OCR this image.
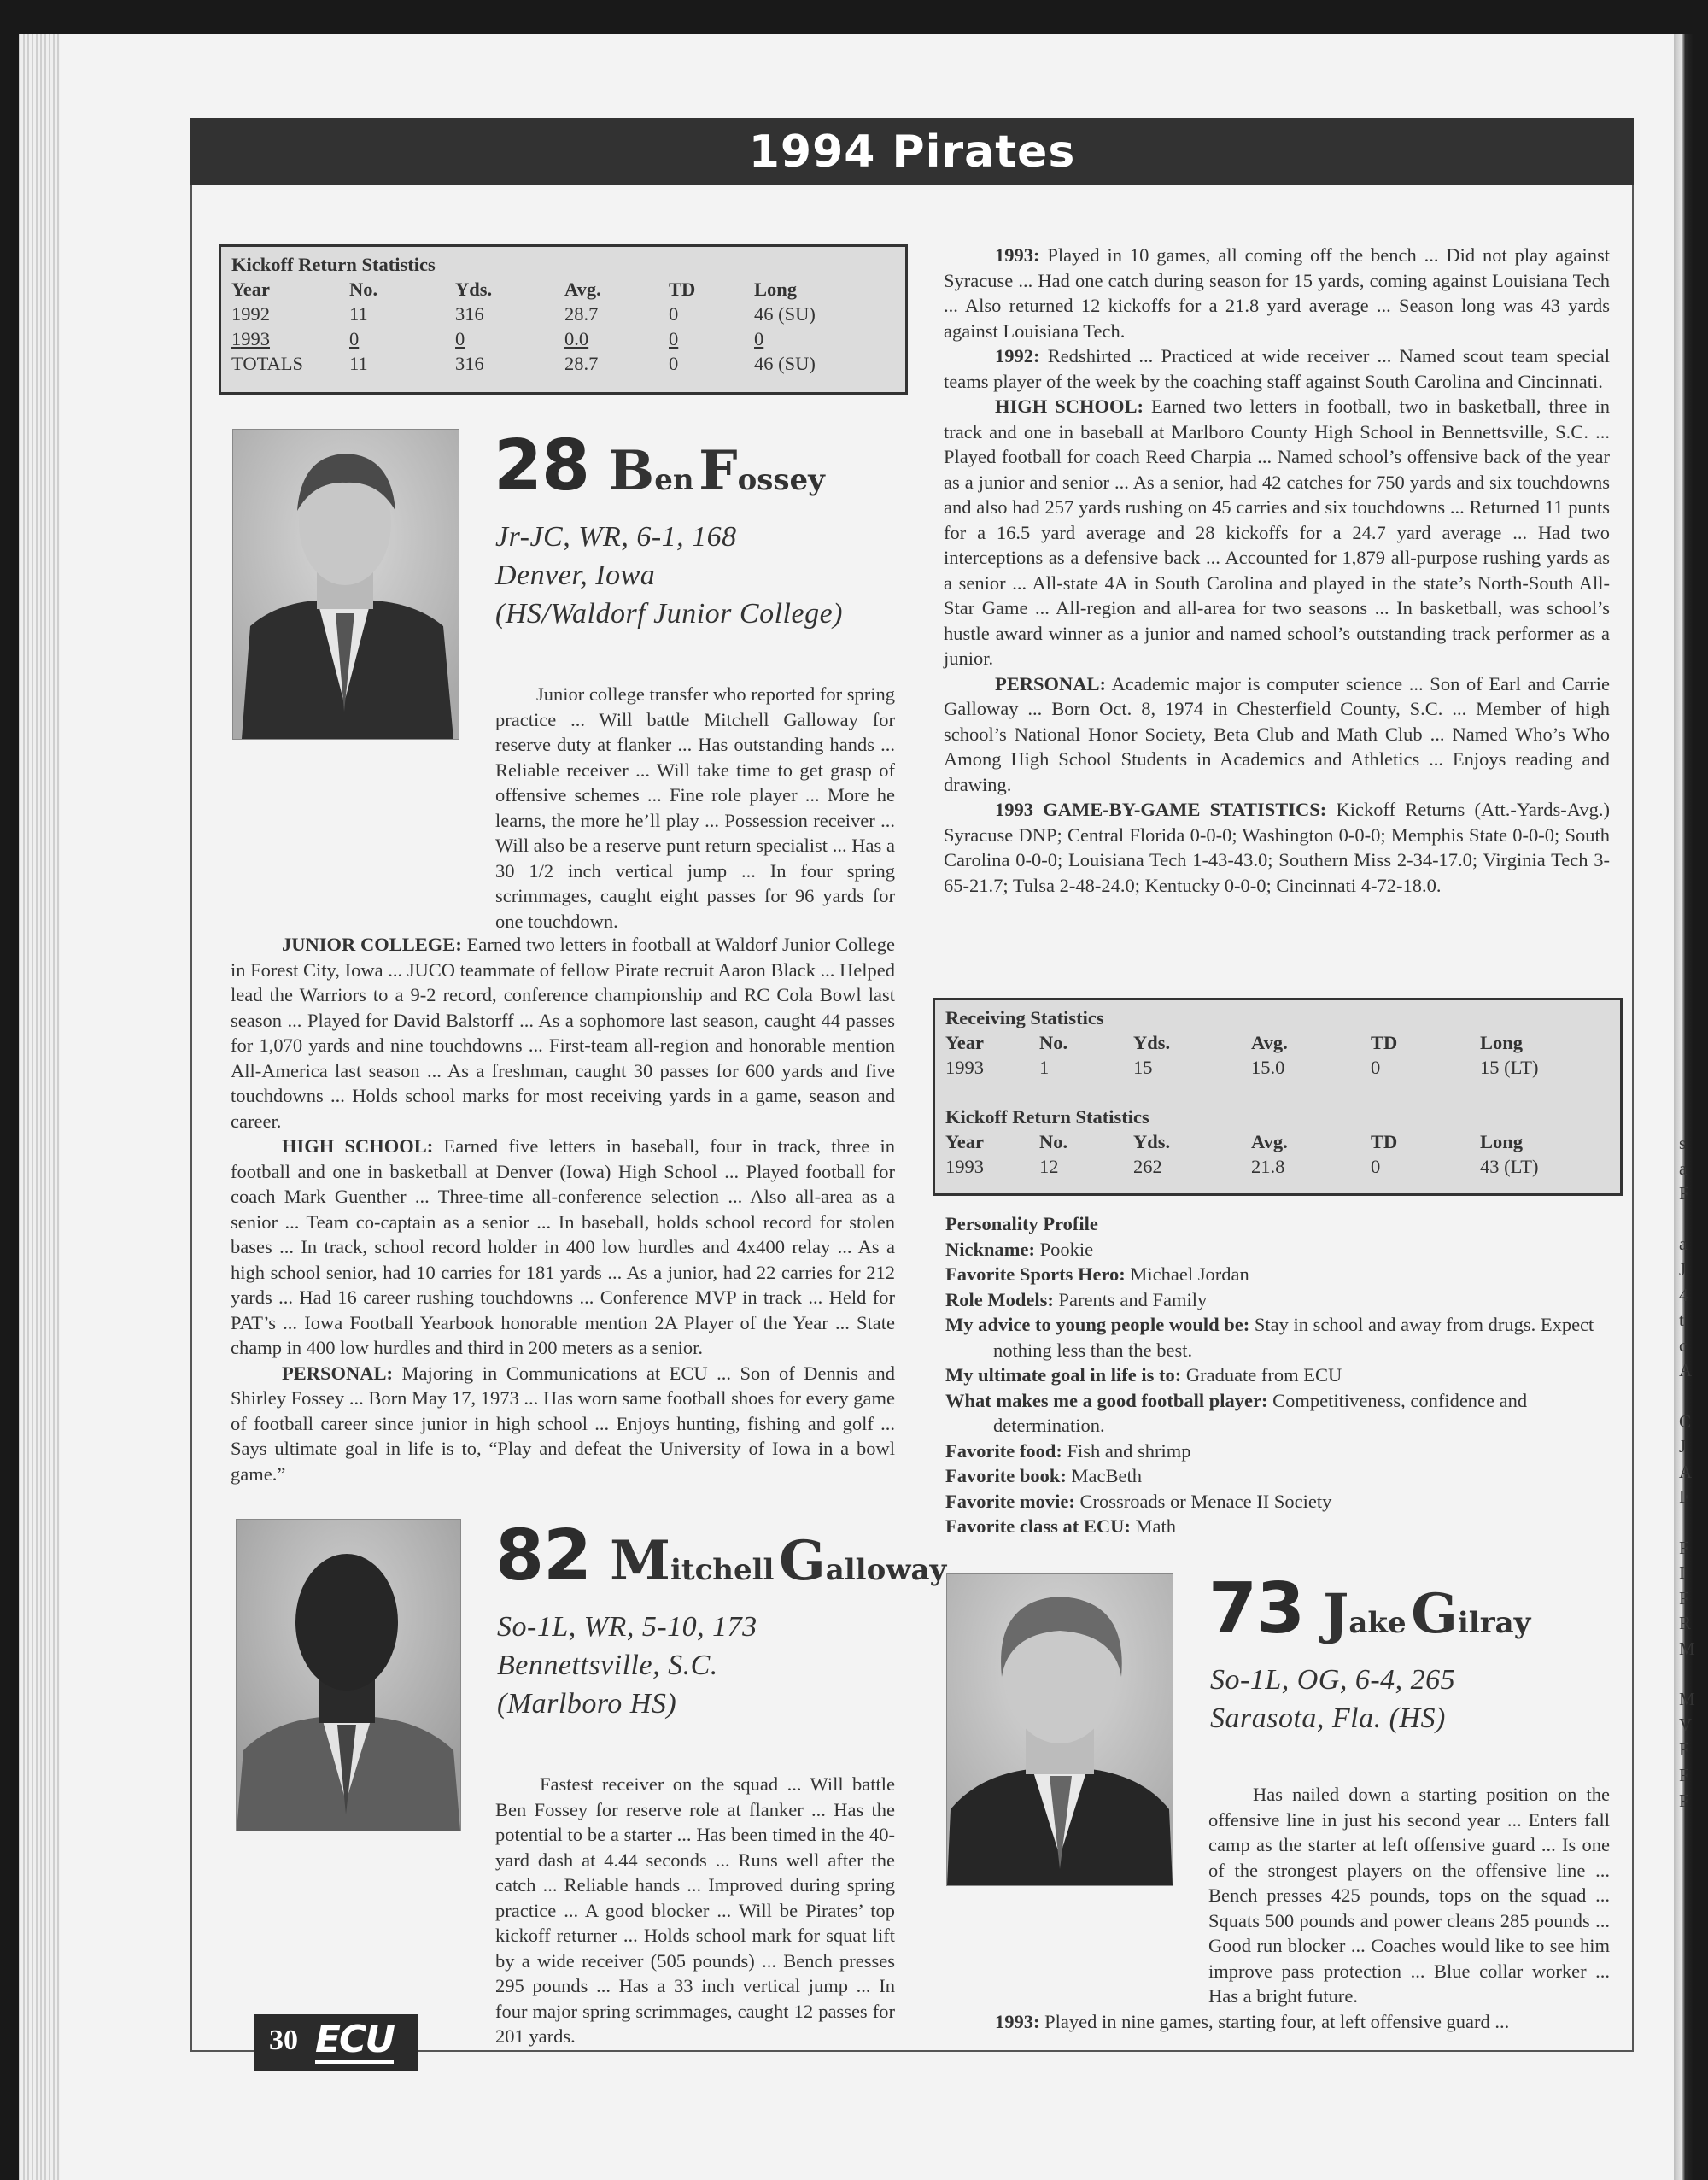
1994 Pirates
Kickoff Return Statistics
Year	No.	Yds.	Avg.	TD	Long
1992	11	316	28.7	0	46 (SU)
1993	0	0	0.0	0	0
TOTALS	11	316	28.7	0	46 (SU)
28 Ben Fossey
Jr-JC, WR, 6-1, 168
Denver, Iowa
(HS/Waldorf Junior College)
Junior college transfer who reported for spring practice ... Will battle Mitchell Galloway for reserve duty at flanker ... Has outstanding hands ... Reliable receiver ... Will take time to get grasp of offensive schemes ... Fine role player ... More he learns, the more he’ll play ... Possession receiver ... Will also be a reserve punt return specialist ... Has a 30 1/2 inch vertical jump ... In four spring scrimmages, caught eight passes for 96 yards for one touchdown.

JUNIOR COLLEGE: Earned two letters in football at Waldorf Junior College in Forest City, Iowa ... JUCO teammate of fellow Pirate recruit Aaron Black ... Helped lead the Warriors to a 9-2 record, conference championship and RC Cola Bowl last season ... Played for David Balstorff ... As a sophomore last season, caught 44 passes for 1,070 yards and nine touchdowns ... First-team all-region and honorable mention All-America last season ... As a freshman, caught 30 passes for 600 yards and five touchdowns ... Holds school marks for most receiving yards in a game, season and career.

HIGH SCHOOL: Earned five letters in baseball, four in track, three in football and one in basketball at Denver (Iowa) High School ... Played football for coach Mark Guenther ... Three-time all-conference selection ... Also all-area as a senior ... Team co-captain as a senior ... In baseball, holds school record for stolen bases ... In track, school record holder in 400 low hurdles and 4x400 relay ... As a high school senior, had 10 carries for 181 yards ... As a junior, had 22 carries for 212 yards ... Had 16 career rushing touchdowns ... Conference MVP in track ... Held for PAT’s ... Iowa Football Yearbook honorable mention 2A Player of the Year ... State champ in 400 low hurdles and third in 200 meters as a senior.

PERSONAL: Majoring in Communications at ECU ... Son of Dennis and Shirley Fossey ... Born May 17, 1973 ... Has worn same football shoes for every game of football career since junior in high school ... Enjoys hunting, fishing and golf ... Says ultimate goal in life is to, “Play and defeat the University of Iowa in a bowl game.”

82 Mitchell Galloway
So-1L, WR, 5-10, 173
Bennettsville, S.C.
(Marlboro HS)

Fastest receiver on the squad ... Will battle Ben Fossey for reserve role at flanker ... Has the potential to be a starter ... Has been timed in the 40-yard dash at 4.44 seconds ... Runs well after the catch ... Reliable hands ... Improved during spring practice ... A good blocker ... Will be Pirates’ top kickoff returner ... Holds school mark for squat lift by a wide receiver (505 pounds) ... Bench presses 295 pounds ... Has a 33 inch vertical jump ... In four major spring scrimmages, caught 12 passes for 201 yards.

1993: Played in 10 games, all coming off the bench ... Did not play against Syracuse ... Had one catch during season for 15 yards, coming against Louisiana Tech ... Also returned 12 kickoffs for a 21.8 yard average ... Season long was 43 yards against Louisiana Tech.

1992: Redshirted ... Practiced at wide receiver ... Named scout team special teams player of the week by the coaching staff against South Carolina and Cincinnati.

HIGH SCHOOL: Earned two letters in football, two in basketball, three in track and one in baseball at Marlboro County High School in Bennettsville, S.C. ... Played football for coach Reed Charpia ... Named school’s offensive back of the year as a junior and senior ... As a senior, had 42 catches for 750 yards and six touchdowns and also had 257 yards rushing on 45 carries and six touchdowns ... Returned 11 punts for a 16.5 yard average and 28 kickoffs for a 24.7 yard average ... Had two interceptions as a defensive back ... Accounted for 1,879 all-purpose rushing yards as a senior ... All-state 4A in South Carolina and played in the state’s North-South All-Star Game ... All-region and all-area for two seasons ... In basketball, was school’s hustle award winner as a junior and named school’s outstanding track performer as a junior.

PERSONAL: Academic major is computer science ... Son of Earl and Carrie Galloway ... Born Oct. 8, 1974 in Chesterfield County, S.C. ... Member of high school’s National Honor Society, Beta Club and Math Club ... Named Who’s Who Among High School Students in Academics and Athletics ... Enjoys reading and drawing.

1993 GAME-BY-GAME STATISTICS: Kickoff Returns (Att.-Yards-Avg.) Syracuse DNP; Central Florida 0-0-0; Washington 0-0-0; Memphis State 0-0-0; South Carolina 0-0-0; Louisiana Tech 1-43-43.0; Southern Miss 2-34-17.0; Virginia Tech 3-65-21.7; Tulsa 2-48-24.0; Kentucky 0-0-0; Cincinnati 4-72-18.0.

Receiving Statistics
Year	No.	Yds.	Avg.	TD	Long
1993	1	15	15.0	0	15 (LT)
Kickoff Return Statistics
Year	No.	Yds.	Avg.	TD	Long
1993	12	262	21.8	0	43 (LT)

Personality Profile

Nickname: Pookie

Favorite Sports Hero: Michael Jordan

Role Models: Parents and Family

My advice to young people would be: Stay in school and away from drugs. Expect nothing less than the best.

My ultimate goal in life is to: Graduate from ECU

What makes me a good football player: Competitiveness, confidence and determination.

Favorite food: Fish and shrimp

Favorite book: MacBeth

Favorite movie: Crossroads or Menace II Society

Favorite class at ECU: Math

73 Jake Gilray
So-1L, OG, 6-4, 265
Sarasota, Fla. (HS)

Has nailed down a starting position on the offensive line in just his second year ... Enters fall camp as the starter at left offensive guard ... Is one of the strongest players on the offensive line ... Bench presses 425 pounds, tops on the squad ... Squats 500 pounds and power cleans 285 pounds ... Good run blocker ... Coaches would like to see him improve pass protection ... Blue collar worker ... Has a bright future.

1993: Played in nine games, starting four, at left offensive guard ...

30 ECU
s
a
F
a
J
4
t
c
A
C
J
A
F
F
I
F
R
M
M
V
F
F
F
